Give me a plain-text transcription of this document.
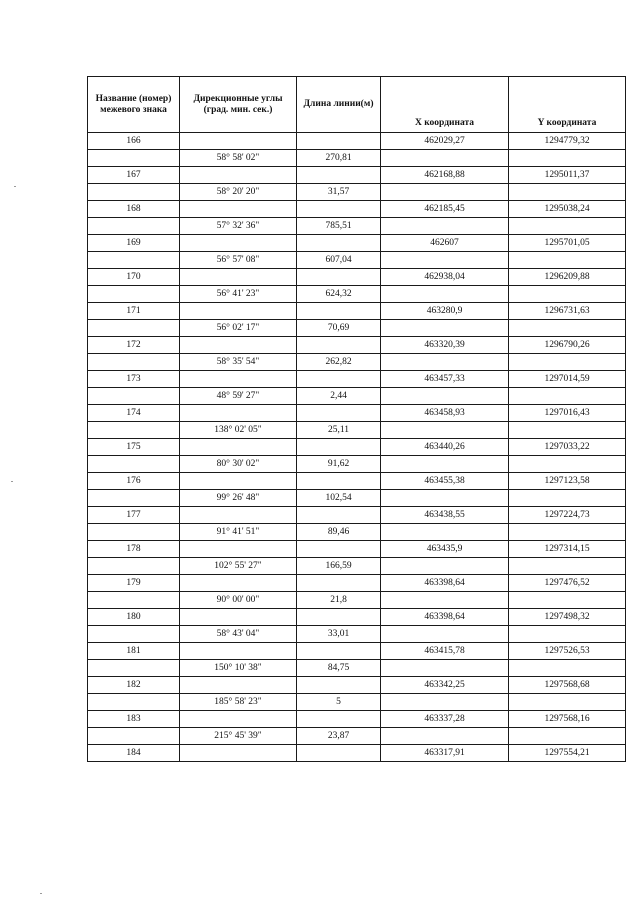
Название (номер) межевого знака	Дирекционные углы (град. мин. сек.)	Длина линии(м)	X координата	Y координата
166			462029,27	1294779,32
	58° 58' 02"	270,81		
167			462168,88	1295011,37
	58° 20' 20"	31,57		
168			462185,45	1295038,24
	57° 32' 36"	785,51		
169			462607	1295701,05
	56° 57' 08"	607,04		
170			462938,04	1296209,88
	56° 41' 23"	624,32		
171			463280,9	1296731,63
	56° 02' 17"	70,69		
172			463320,39	1296790,26
	58° 35' 54"	262,82		
173			463457,33	1297014,59
	48° 59' 27"	2,44		
174			463458,93	1297016,43
	138° 02' 05"	25,11		
175			463440,26	1297033,22
	80° 30' 02"	91,62		
176			463455,38	1297123,58
	99° 26' 48"	102,54		
177			463438,55	1297224,73
	91° 41' 51"	89,46		
178			463435,9	1297314,15
	102° 55' 27"	166,59		
179			463398,64	1297476,52
	90° 00' 00"	21,8		
180			463398,64	1297498,32
	58° 43' 04"	33,01		
181			463415,78	1297526,53
	150° 10' 38"	84,75		
182			463342,25	1297568,68
	185° 58' 23"	5		
183			463337,28	1297568,16
	215° 45' 39"	23,87		
184			463317,91	1297554,21
